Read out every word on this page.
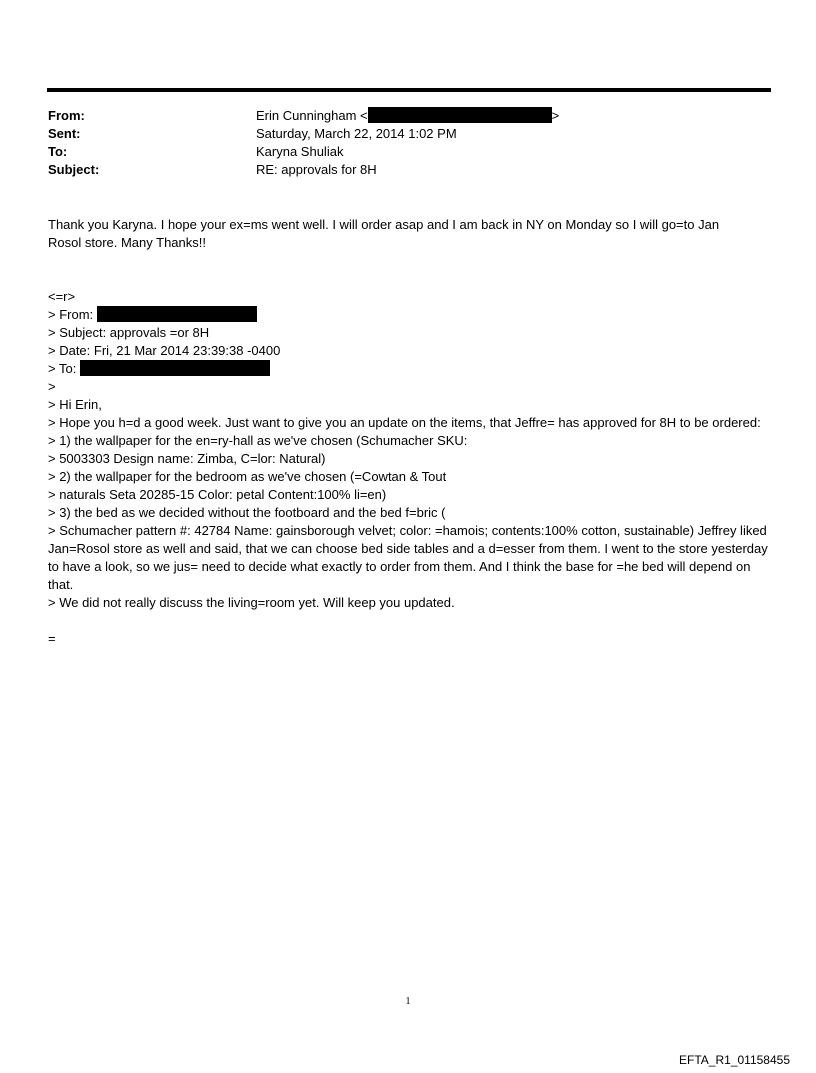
From:	Erin Cunningham <	>
Sent:	Saturday, March 22, 2014 1:02 PM
To:	Karyna Shuliak
Subject:	RE: approvals for 8H
Thank you Karyna. I hope your ex=ms went well. I will order asap and I am back in NY on Monday so I will go=to Jan
Rosol store. Many Thanks!!
<=r>
> From:
> Subject: approvals =or 8H
> Date: Fri, 21 Mar 2014 23:39:38 -0400
> To:
>
> Hi Erin,
> Hope you h=d a good week. Just want to give you an update on the items, that Jeffre= has approved for 8H to be ordered:
> 1) the wallpaper for the en=ry-hall as we've chosen (Schumacher SKU:
> 5003303 Design name: Zimba, C=lor: Natural)
> 2) the wallpaper for the bedroom as we've chosen (=Cowtan & Tout
> naturals Seta 20285-15 Color: petal Content:100% li=en)
> 3) the bed as we decided without the footboard and the bed f=bric (
> Schumacher pattern #: 42784 Name: gainsborough velvet; color: =hamois; contents:100% cotton, sustainable) Jeffrey liked Jan=Rosol store as well and said, that we can choose bed side tables and a d=esser from them. I went to the store yesterday to have a look, so we jus= need to decide what exactly to order from them. And I think the base for =he bed will depend on that.
> We did not really discuss the living=room yet. Will keep you updated.
=
1
EFTA_R1_01158455
